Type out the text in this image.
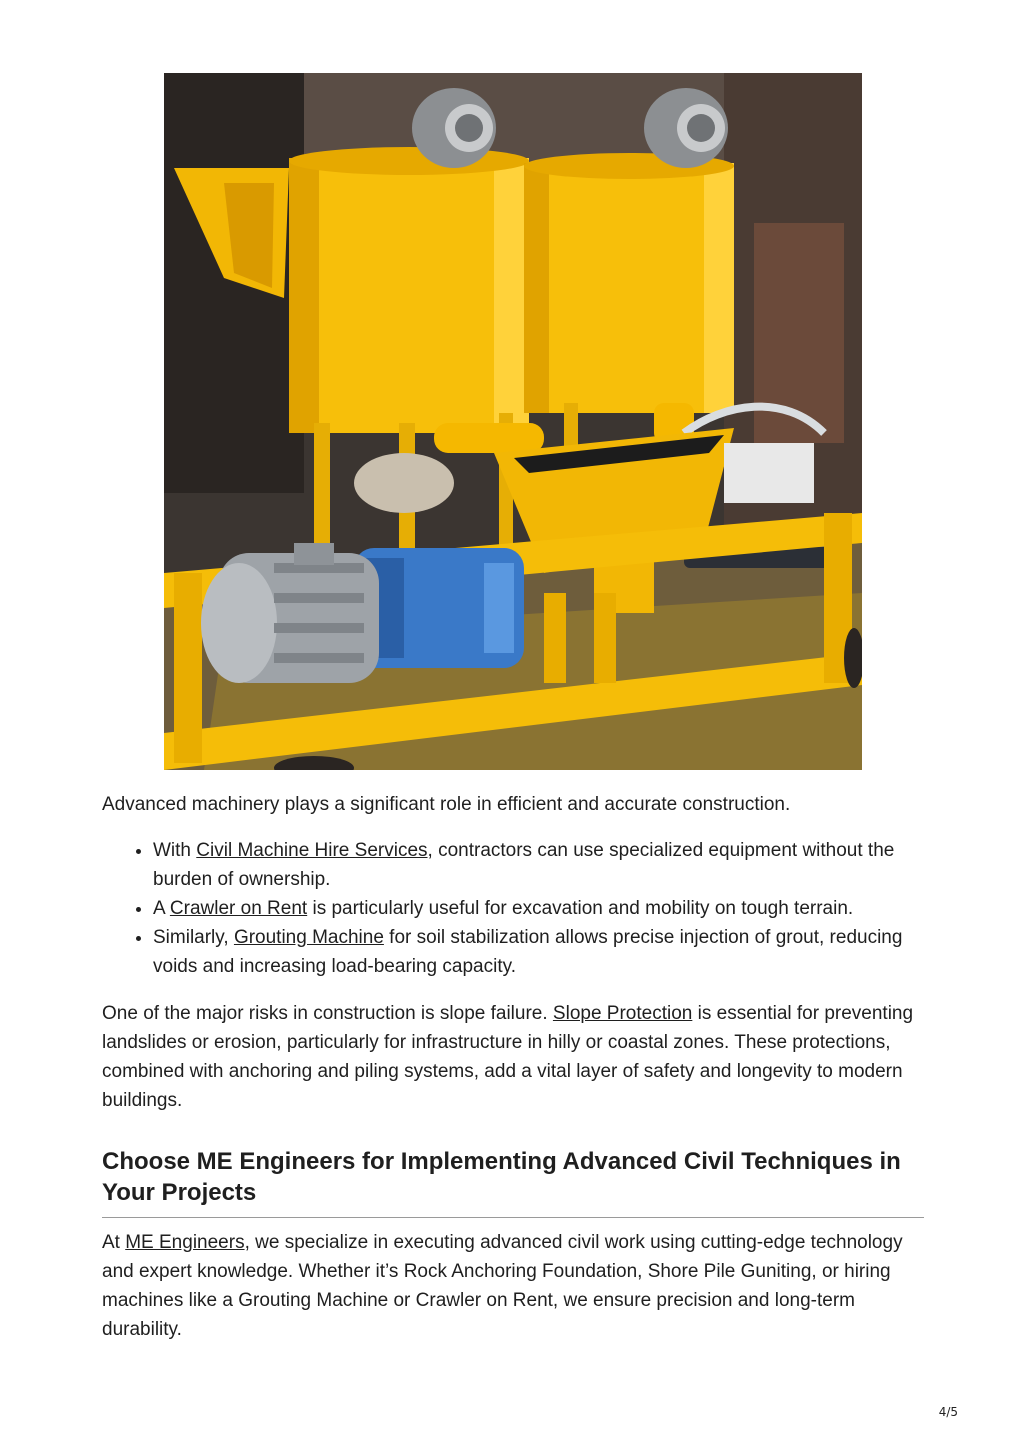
Advanced machinery plays a significant role in efficient and accurate construction.

• With Civil Machine Hire Services, contractors can use specialized equipment without the burden of ownership.
• A Crawler on Rent is particularly useful for excavation and mobility on tough terrain.
• Similarly, Grouting Machine for soil stabilization allows precise injection of grout, reducing voids and increasing load-bearing capacity.

One of the major risks in construction is slope failure. Slope Protection is essential for preventing landslides or erosion, particularly for infrastructure in hilly or coastal zones. These protections, combined with anchoring and piling systems, add a vital layer of safety and longevity to modern buildings.

Choose ME Engineers for Implementing Advanced Civil Techniques in Your Projects

At ME Engineers, we specialize in executing advanced civil work using cutting-edge technology and expert knowledge. Whether it’s Rock Anchoring Foundation, Shore Pile Guniting, or hiring machines like a Grouting Machine or Crawler on Rent, we ensure precision and long-term durability.

4/5
